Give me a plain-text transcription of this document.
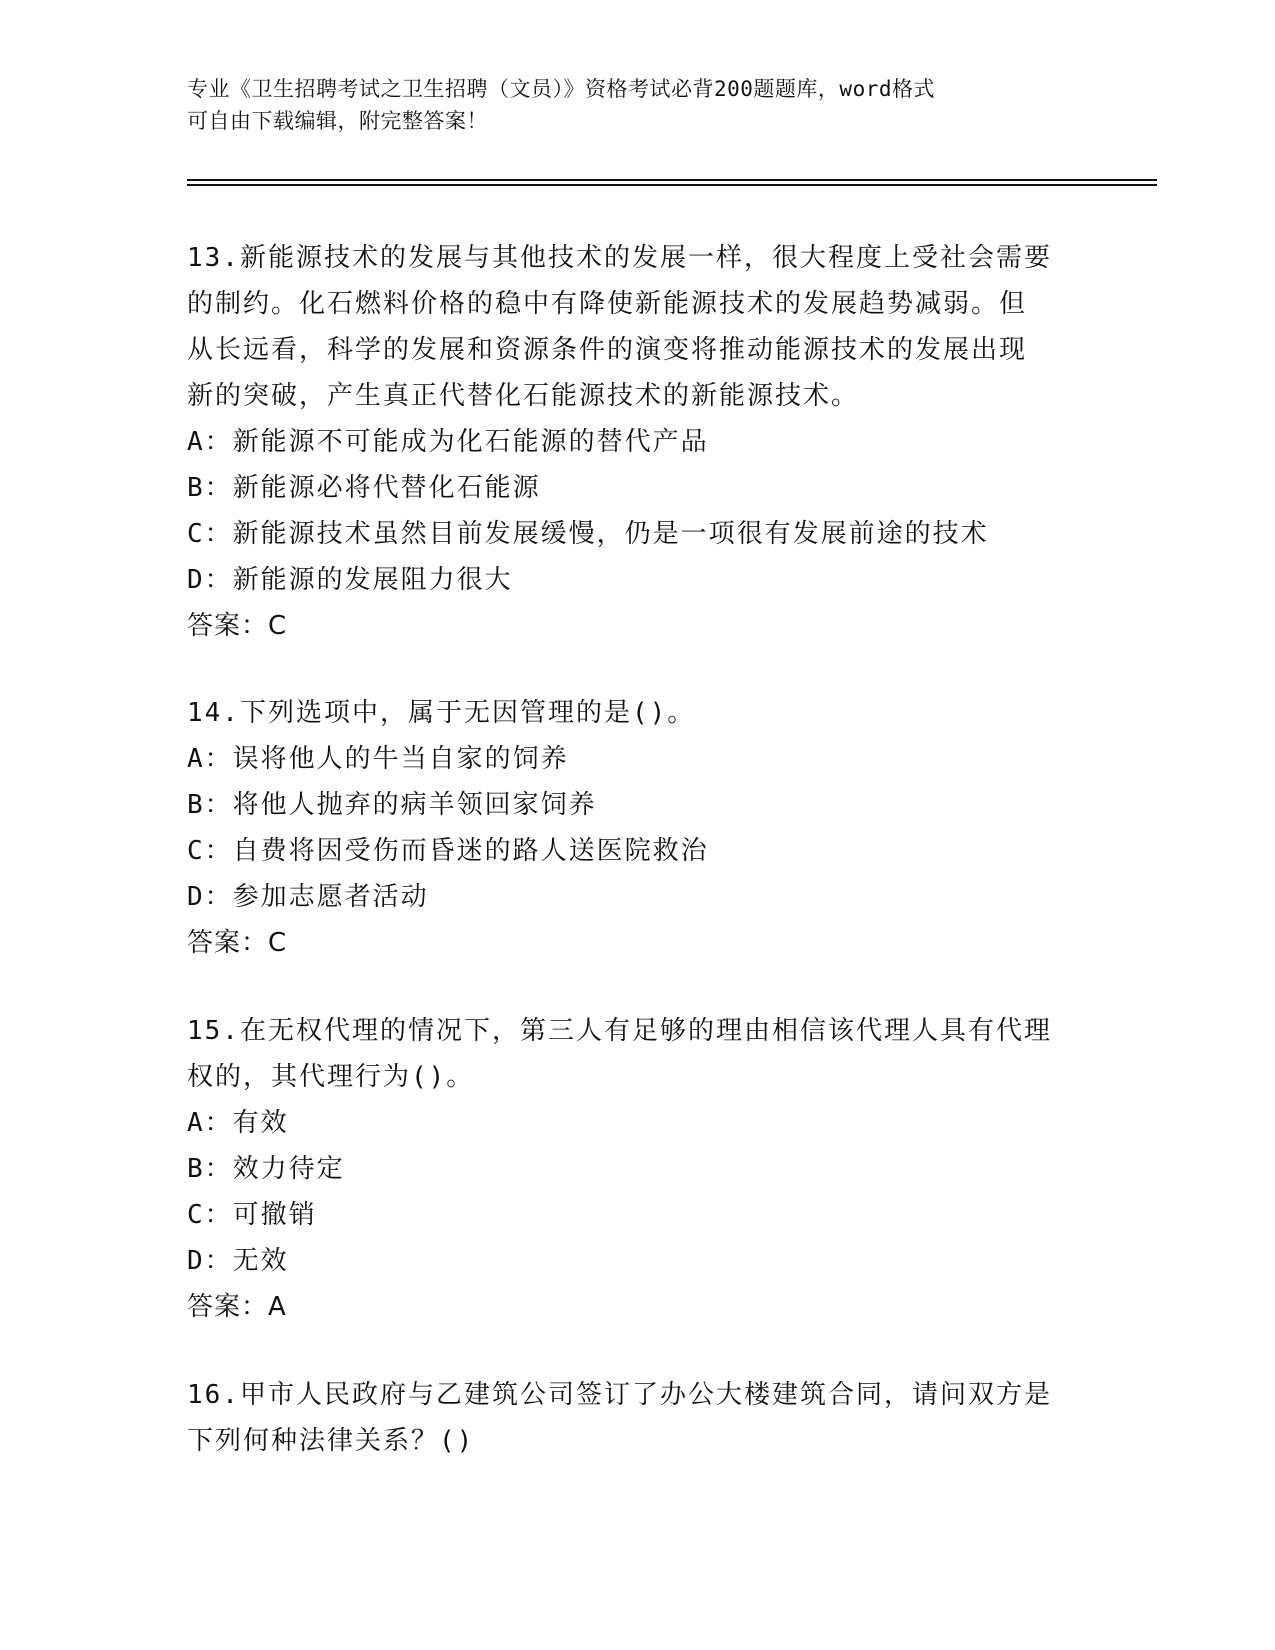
专业《卫生招聘考试之卫生招聘（文员）》资格考试必背200题题库，word格式
可自由下载编辑，附完整答案！
13.新能源技术的发展与其他技术的发展一样，很大程度上受社会需要
的制约。化石燃料价格的稳中有降使新能源技术的发展趋势减弱。但
从长远看，科学的发展和资源条件的演变将推动能源技术的发展出现
新的突破，产生真正代替化石能源技术的新能源技术。
A：新能源不可能成为化石能源的替代产品
B：新能源必将代替化石能源
C：新能源技术虽然目前发展缓慢，仍是一项很有发展前途的技术
D：新能源的发展阻力很大
答案：C
14.下列选项中，属于无因管理的是()。
A：误将他人的牛当自家的饲养
B：将他人抛弃的病羊领回家饲养
C：自费将因受伤而昏迷的路人送医院救治
D：参加志愿者活动
答案：C
15.在无权代理的情况下，第三人有足够的理由相信该代理人具有代理
权的，其代理行为()。
A：有效
B：效力待定
C：可撤销
D：无效
答案：A
16.甲市人民政府与乙建筑公司签订了办公大楼建筑合同，请问双方是
下列何种法律关系？()
